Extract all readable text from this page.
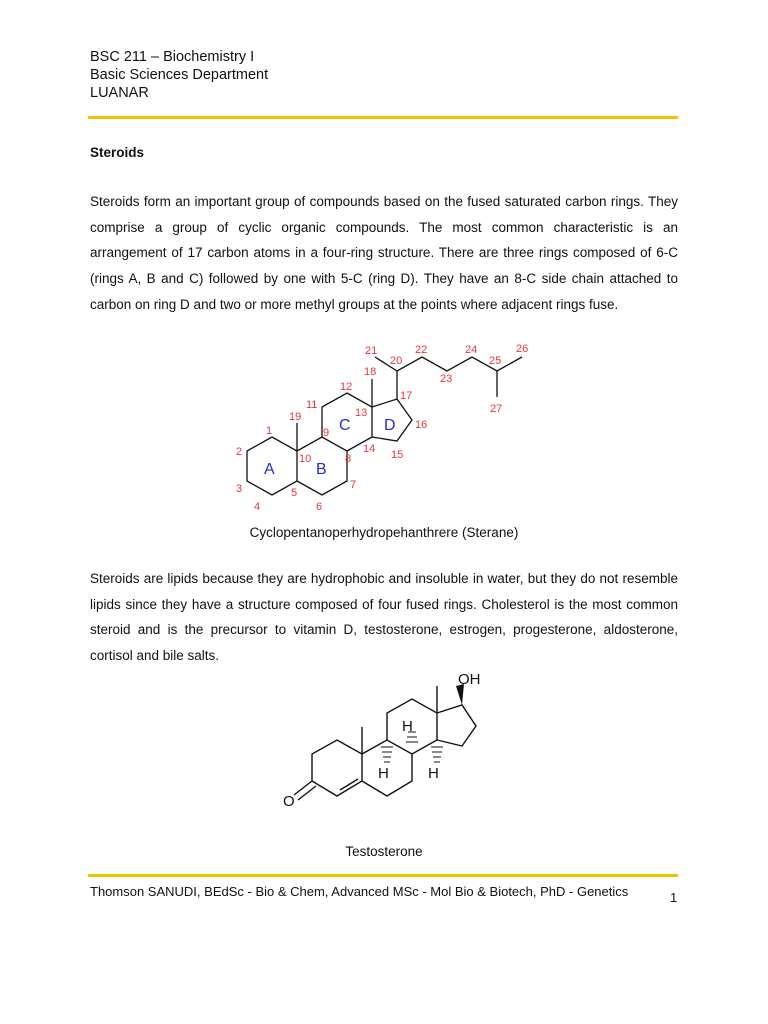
BSC 211 – Biochemistry I
Basic Sciences Department
LUANAR
Steroids
Steroids form an important group of compounds based on the fused saturated carbon rings. They comprise a group of cyclic organic compounds. The most common characteristic is an arrangement of 17 carbon atoms in a four-ring structure. There are three rings composed of 6-C (rings A, B and C) followed by one with 5-C (ring D). They have an 8-C side chain attached to carbon on ring D and two or more methyl groups at the points where adjacent rings fuse.
A	B
C D
1
2
3
4
5
6
7
8
9
10
11
12
13
14 15
16
17
18
19
20
21	22
23
24
25
26
27
Cyclopentanoperhydropehanthrere (Sterane)
Steroids are lipids because they are hydrophobic and insoluble in water, but they do not resemble lipids since they have a structure composed of four fused rings. Cholesterol is the most common steroid and is the precursor to vitamin D, testosterone, estrogen, progesterone, aldosterone, cortisol and bile salts.
OH
H
H	H
O
Testosterone
Thomson SANUDI, BEdSc - Bio & Chem, Advanced MSc - Mol Bio & Biotech, PhD - Genetics	1
